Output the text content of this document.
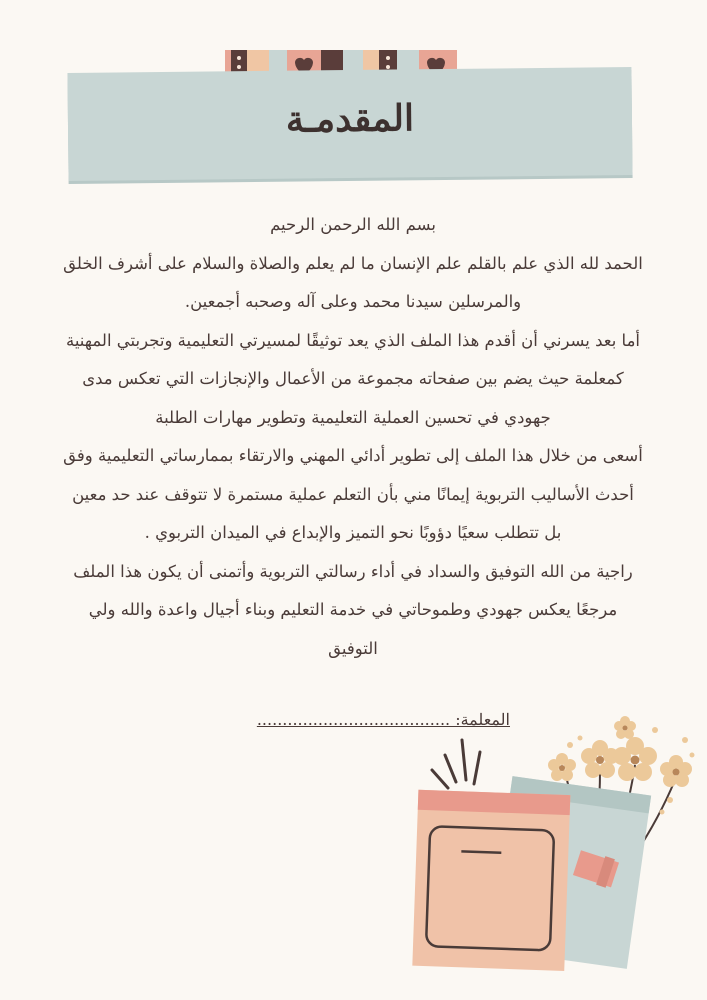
المقدمـة

بسم الله الرحمن الرحيم

الحمد لله الذي علم بالقلم علم الإنسان ما لم يعلم والصلاة والسلام على أشرف الخلق والمرسلين سيدنا محمد وعلى آله وصحبه أجمعين.

أما بعد يسرني أن أقدم هذا الملف الذي يعد توثيقًا لمسيرتي التعليمية وتجربتي المهنية كمعلمة حيث يضم بين صفحاته مجموعة من الأعمال والإنجازات التي تعكس مدى جهودي في تحسين العملية التعليمية وتطوير مهارات الطلبة

أسعى من خلال هذا الملف إلى تطوير أدائي المهني والارتقاء بممارساتي التعليمية وفق أحدث الأساليب التربوية إيمانًا مني بأن التعلم عملية مستمرة لا تتوقف عند حد معين بل تتطلب سعيًا دؤوبًا نحو التميز والإبداع في الميدان التربوي .

راجية من الله التوفيق والسداد في أداء رسالتي التربوية وأتمنى أن يكون هذا الملف مرجعًا يعكس جهودي وطموحاتي في خدمة التعليم وبناء أجيال واعدة والله ولي التوفيق

المعلمة: ......................................
